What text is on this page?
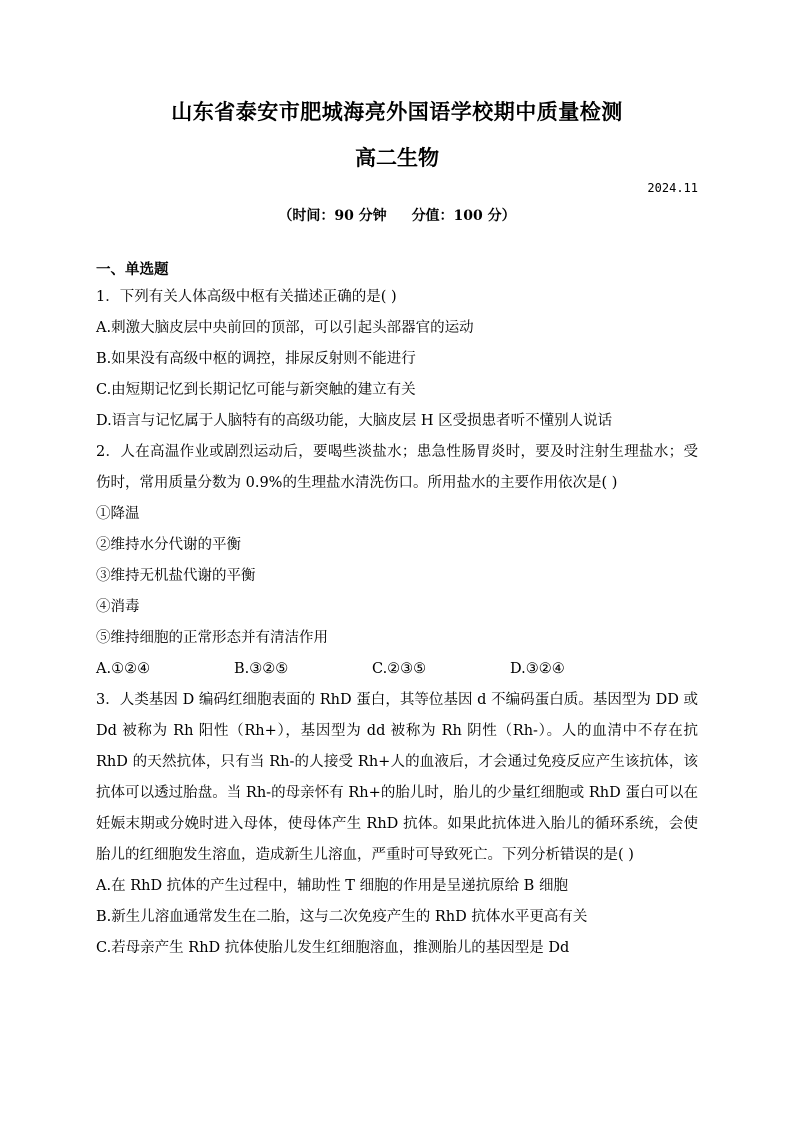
山东省泰安市肥城海亮外国语学校期中质量检测
高二生物
2024.11
（时间：90 分钟 分值：100 分）
一、单选题
1．下列有关人体高级中枢有关描述正确的是( )
A.刺激大脑皮层中央前回的顶部，可以引起头部器官的运动
B.如果没有高级中枢的调控，排尿反射则不能进行
C.由短期记忆到长期记忆可能与新突触的建立有关
D.语言与记忆属于人脑特有的高级功能，大脑皮层 H 区受损患者听不懂别人说话
2．人在高温作业或剧烈运动后，要喝些淡盐水；患急性肠胃炎时，要及时注射生理盐水；受伤时，常用质量分数为 0.9%的生理盐水清洗伤口。所用盐水的主要作用依次是( )
①降温
②维持水分代谢的平衡
③维持无机盐代谢的平衡
④消毒
⑤维持细胞的正常形态并有清洁作用
A.①②④	B.③②⑤	C.②③⑤	D.③②④
3．人类基因 D 编码红细胞表面的 RhD 蛋白，其等位基因 d 不编码蛋白质。基因型为 DD 或 Dd 被称为 Rh 阳性（Rh+），基因型为 dd 被称为 Rh 阴性（Rh-）。人的血清中不存在抗 RhD 的天然抗体，只有当 Rh-的人接受 Rh+人的血液后，才会通过免疫反应产生该抗体，该抗体可以透过胎盘。当 Rh-的母亲怀有 Rh+的胎儿时，胎儿的少量红细胞或 RhD 蛋白可以在妊娠末期或分娩时进入母体，使母体产生 RhD 抗体。如果此抗体进入胎儿的循环系统，会使胎儿的红细胞发生溶血，造成新生儿溶血，严重时可导致死亡。下列分析错误的是( )
A.在 RhD 抗体的产生过程中，辅助性 T 细胞的作用是呈递抗原给 B 细胞
B.新生儿溶血通常发生在二胎，这与二次免疫产生的 RhD 抗体水平更高有关
C.若母亲产生 RhD 抗体使胎儿发生红细胞溶血，推测胎儿的基因型是 Dd
